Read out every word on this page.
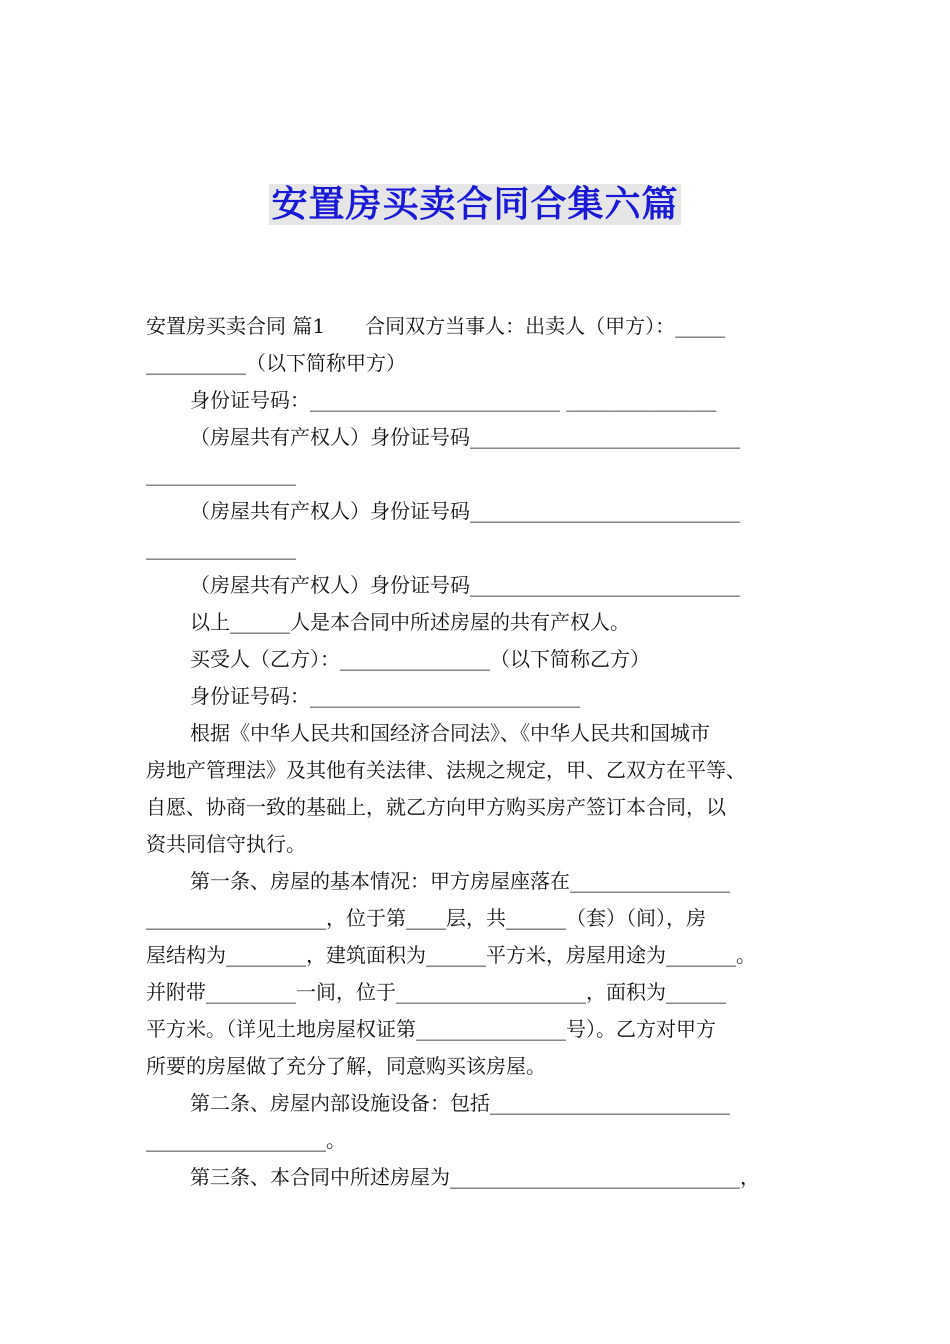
安置房买卖合同合集六篇
安置房买卖合同 篇1　　合同双方当事人：出卖人（甲方）：_____
__________（以下简称甲方）
身份证号码：_________________________ _______________
（房屋共有产权人）身份证号码___________________________
_______________
（房屋共有产权人）身份证号码___________________________
_______________
（房屋共有产权人）身份证号码___________________________
以上______人是本合同中所述房屋的共有产权人。
买受人（乙方）：_______________（以下简称乙方）
身份证号码：___________________________
根据《中华人民共和国经济合同法》、《中华人民共和国城市
房地产管理法》及其他有关法律、法规之规定，甲、乙双方在平等、
自愿、协商一致的基础上，就乙方向甲方购买房产签订本合同，以
资共同信守执行。
第一条、房屋的基本情况：甲方房屋座落在________________
__________________，位于第____层，共______（套）（间），房
屋结构为________，建筑面积为______平方米，房屋用途为_______。
并附带_________一间，位于___________________，面积为______
平方米。（详见土地房屋权证第_______________号）。乙方对甲方
所要的房屋做了充分了解，同意购买该房屋。
第二条、房屋内部设施设备：包括________________________
__________________。
第三条、本合同中所述房屋为_____________________________，
